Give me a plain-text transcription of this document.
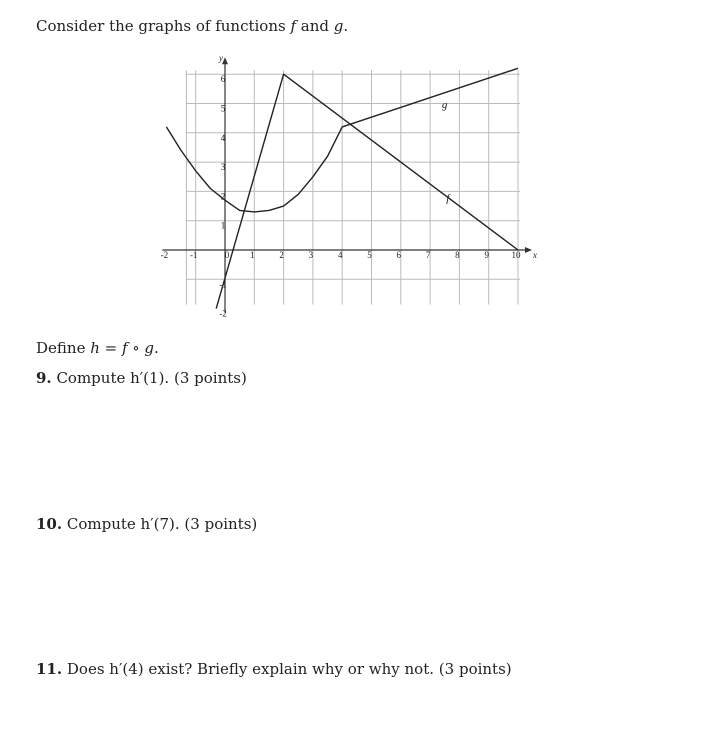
Consider the graphs of functions f and g.
-2 -1	0 1	2	3	4	5	6	7	8	9	10
-2
-1
1
2
3
4
5
6
x
y
f
g
Define h = f ∘ g.
9. Compute h′(1). (3 points)
10. Compute h′(7). (3 points)
11. Does h′(4) exist? Briefly explain why or why not. (3 points)
